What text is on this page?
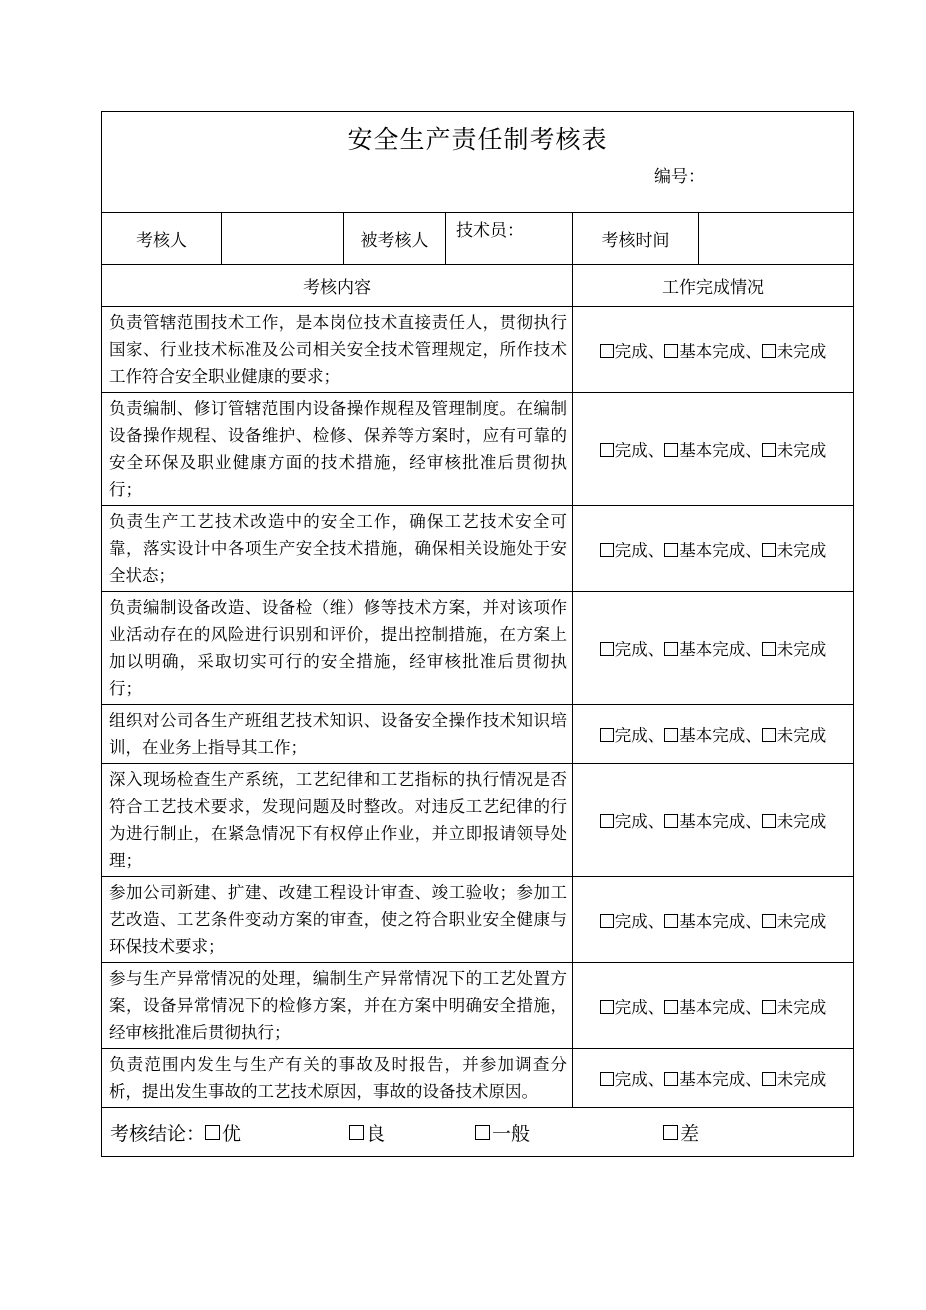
安全生产责任制考核表
编号：					

考核人		被考核人	技术员：	考核时间	
考核内容				工作完成情况	
负责管辖范围技术工作，是本岗位技术直接责任人，贯彻执行国家、行业技术标准及公司相关安全技术管理规定，所作技术工作符合安全职业健康的要求；				完成、 基本完成、 未完成	
负责编制、修订管辖范围内设备操作规程及管理制度。在编制设备操作规程、设备维护、检修、保养等方案时，应有可靠的安全环保及职业健康方面的技术措施，经审核批准后贯彻执行；				完成、 基本完成、 未完成	
负责生产工艺技术改造中的安全工作，确保工艺技术安全可靠，落实设计中各项生产安全技术措施，确保相关设施处于安全状态；				完成、 基本完成、 未完成	
负责编制设备改造、设备检（维）修等技术方案，并对该项作业活动存在的风险进行识别和评价，提出控制措施，在方案上加以明确，采取切实可行的安全措施，经审核批准后贯彻执行；				完成、 基本完成、 未完成	
组织对公司各生产班组艺技术知识、设备安全操作技术知识培训，在业务上指导其工作；				完成、 基本完成、 未完成	
深入现场检查生产系统，工艺纪律和工艺指标的执行情况是否符合工艺技术要求，发现问题及时整改。对违反工艺纪律的行为进行制止，在紧急情况下有权停止作业，并立即报请领导处理；				完成、 基本完成、 未完成	
参加公司新建、扩建、改建工程设计审查、竣工验收；参加工艺改造、工艺条件变动方案的审查，使之符合职业安全健康与环保技术要求；				完成、 基本完成、 未完成	
参与生产异常情况的处理，编制生产异常情况下的工艺处置方案，设备异常情况下的检修方案，并在方案中明确安全措施，经审核批准后贯彻执行；				完成、 基本完成、 未完成	
负责范围内发生与生产有关的事故及时报告，并参加调查分析，提出发生事故的工艺技术原因，事故的设备技术原因。				完成、 基本完成、 未完成	

考核结论： 优 良 一般 差					
